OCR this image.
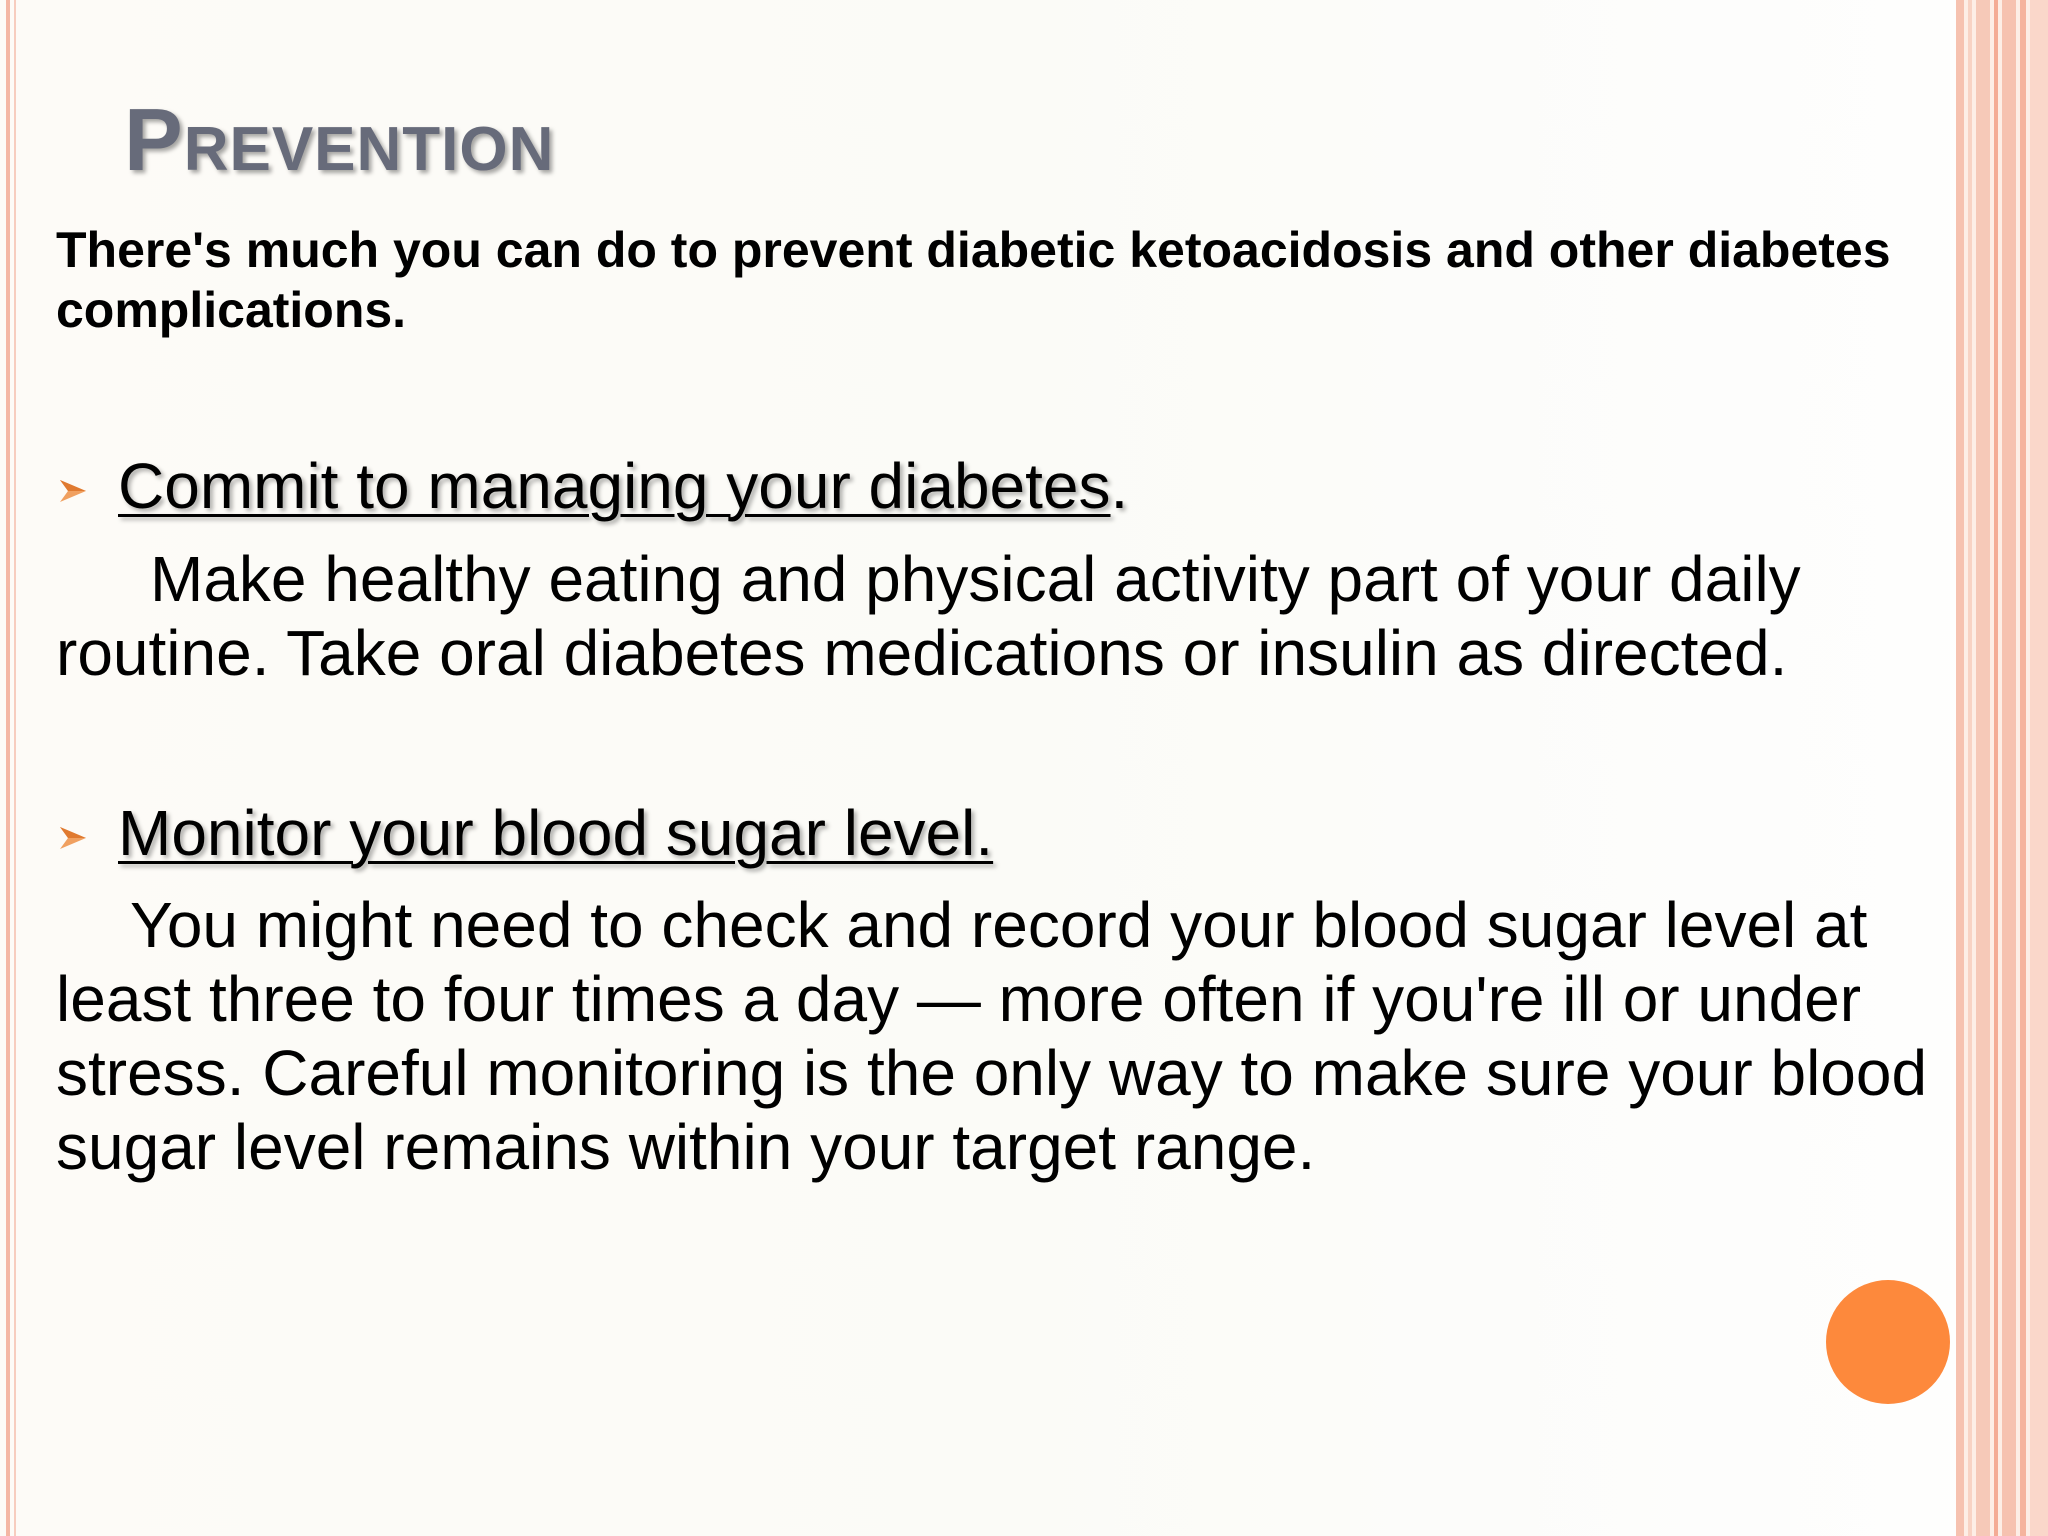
Prevention

There's much you can do to prevent diabetic ketoacidosis and other diabetes complications.

Commit to managing your diabetes.

Make healthy eating and physical activity part of your daily routine. Take oral diabetes medications or insulin as directed.

Monitor your blood sugar level.

You might need to check and record your blood sugar level at least three to four times a day — more often if you're ill or under stress. Careful monitoring is the only way to make sure your blood sugar level remains within your target range.
